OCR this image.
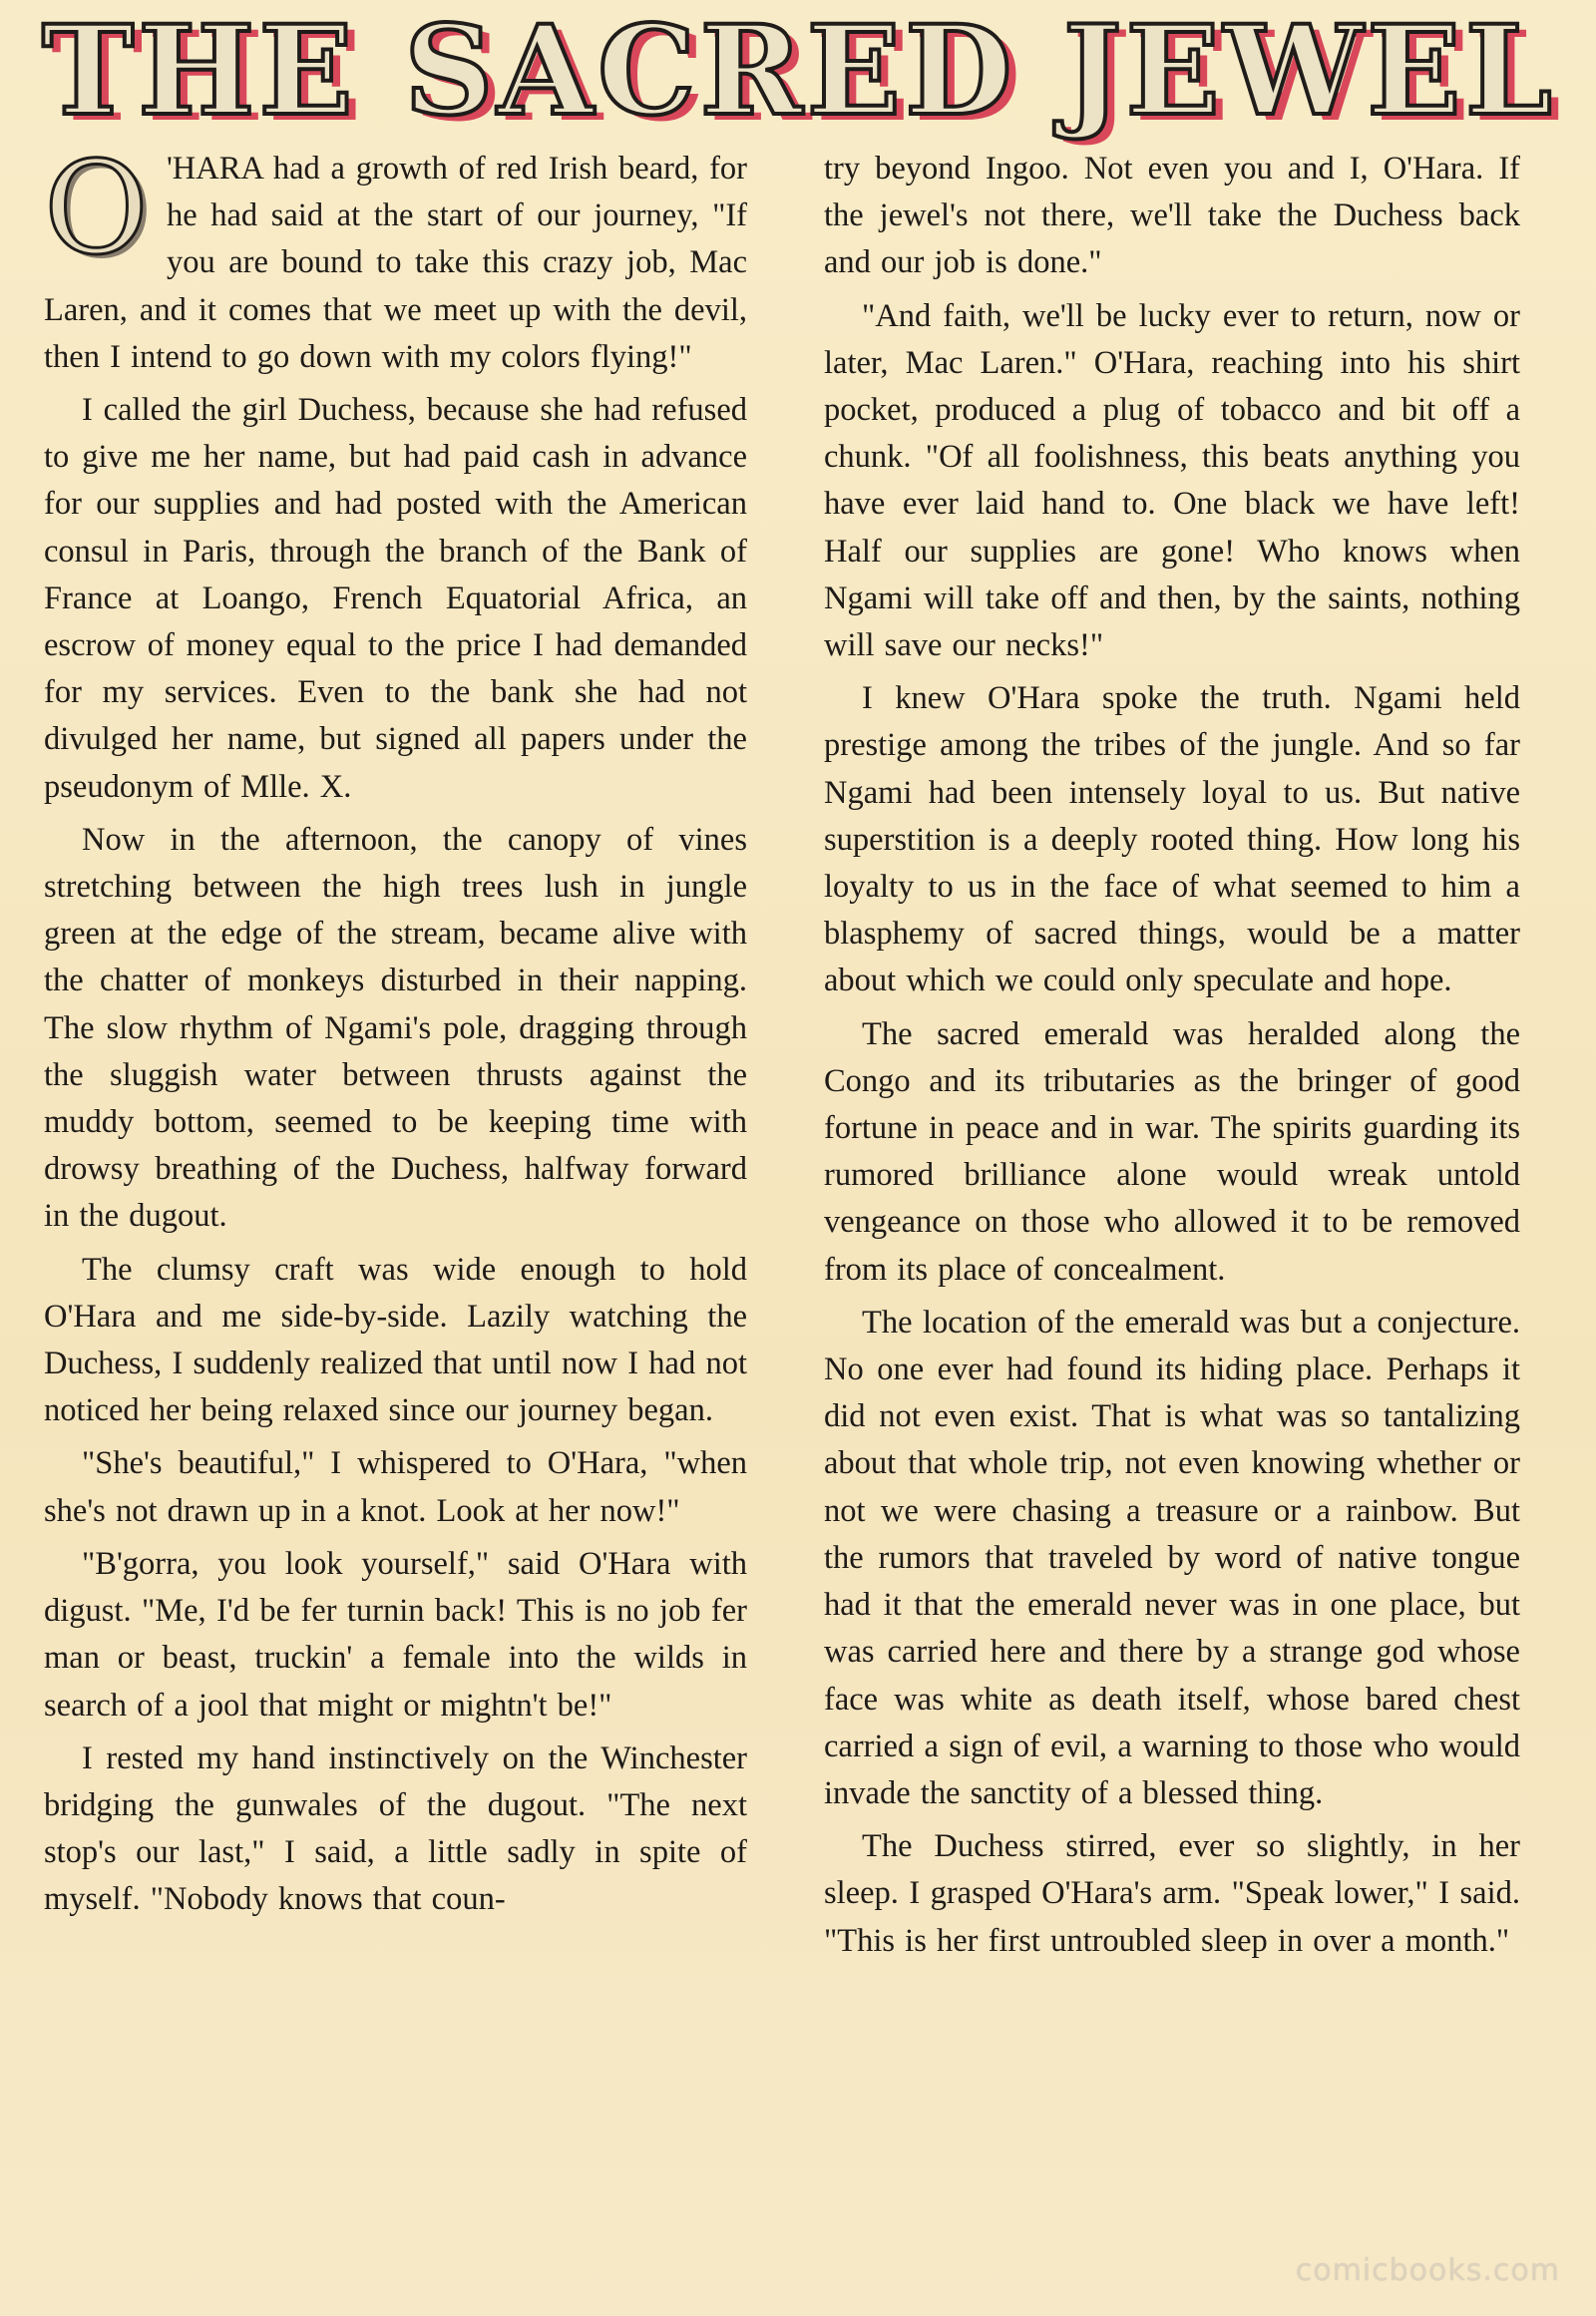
THE SACRED JEWEL

O 'HARA had a growth of red Irish beard, for he had said at the start of our journey, "If you are bound to take this crazy job, Mac Laren, and it comes that we meet up with the devil, then I intend to go down with my colors flying!"

I called the girl Duchess, because she had refused to give me her name, but had paid cash in advance for our supplies and had posted with the American consul in Paris, through the branch of the Bank of France at Loango, French Equatorial Africa, an escrow of money equal to the price I had demanded for my services. Even to the bank she had not divulged her name, but signed all papers under the pseudonym of Mlle. X.

Now in the afternoon, the canopy of vines stretching between the high trees lush in jungle green at the edge of the stream, became alive with the chatter of monkeys disturbed in their napping. The slow rhythm of Ngami's pole, dragging through the sluggish water between thrusts against the muddy bottom, seemed to be keeping time with drowsy breathing of the Duchess, halfway forward in the dugout.

The clumsy craft was wide enough to hold O'Hara and me side-by-side. Lazily watching the Duchess, I suddenly realized that until now I had not noticed her being relaxed since our journey began.

"She's beautiful," I whispered to O'Hara, "when she's not drawn up in a knot. Look at her now!"

"B'gorra, you look yourself," said O'Hara with digust. "Me, I'd be fer turnin back! This is no job fer man or beast, truckin' a female into the wilds in search of a jool that might or mightn't be!"

I rested my hand instinctively on the Winchester bridging the gunwales of the dugout. "The next stop's our last," I said, a little sadly in spite of myself. "Nobody knows that coun-

try beyond Ingoo. Not even you and I, O'Hara. If the jewel's not there, we'll take the Duchess back and our job is done."

"And faith, we'll be lucky ever to return, now or later, Mac Laren." O'Hara, reaching into his shirt pocket, produced a plug of tobacco and bit off a chunk. "Of all foolishness, this beats anything you have ever laid hand to. One black we have left! Half our supplies are gone! Who knows when Ngami will take off and then, by the saints, nothing will save our necks!"

I knew O'Hara spoke the truth. Ngami held prestige among the tribes of the jungle. And so far Ngami had been intensely loyal to us. But native superstition is a deeply rooted thing. How long his loyalty to us in the face of what seemed to him a blasphemy of sacred things, would be a matter about which we could only speculate and hope.

The sacred emerald was heralded along the Congo and its tributaries as the bringer of good fortune in peace and in war. The spirits guarding its rumored brilliance alone would wreak untold vengeance on those who allowed it to be removed from its place of concealment.

The location of the emerald was but a conjecture. No one ever had found its hiding place. Perhaps it did not even exist. That is what was so tantalizing about that whole trip, not even knowing whether or not we were chasing a treasure or a rainbow. But the rumors that traveled by word of native tongue had it that the emerald never was in one place, but was carried here and there by a strange god whose face was white as death itself, whose bared chest carried a sign of evil, a warning to those who would invade the sanctity of a blessed thing.

The Duchess stirred, ever so slightly, in her sleep. I grasped O'Hara's arm. "Speak lower," I said. "This is her first untroubled sleep in over a month."

comicbooks.com
